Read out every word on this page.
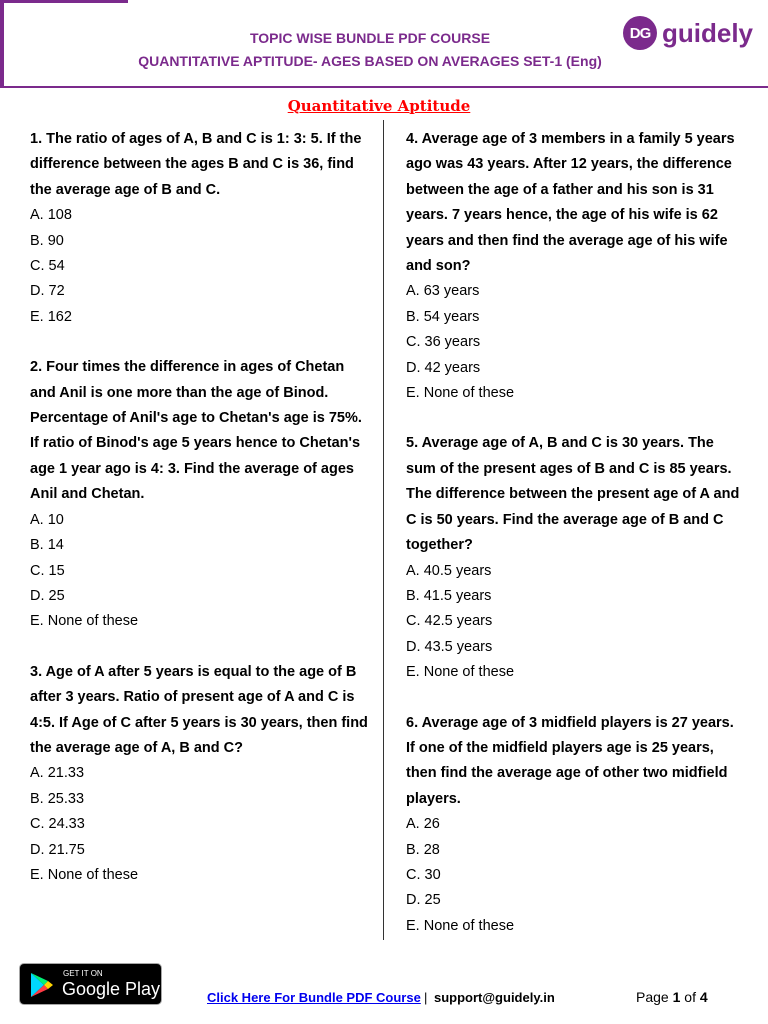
TOPIC WISE BUNDLE PDF COURSE
QUANTITATIVE APTITUDE- AGES BASED ON AVERAGES SET-1 (Eng)
DG guidely
Quantitative Aptitude
1. The ratio of ages of A, B and C is 1: 3: 5. If the difference between the ages B and C is 36, find the average age of B and C.
A. 108
B. 90
C. 54
D. 72
E. 162
2. Four times the difference in ages of Chetan and Anil is one more than the age of Binod. Percentage of Anil's age to Chetan's age is 75%. If ratio of Binod's age 5 years hence to Chetan's age 1 year ago is 4: 3. Find the average of ages Anil and Chetan.
A. 10
B. 14
C. 15
D. 25
E. None of these
3. Age of A after 5 years is equal to the age of B after 3 years. Ratio of present age of A and C is 4:5. If Age of C after 5 years is 30 years, then find the average age of A, B and C?
A. 21.33
B. 25.33
C. 24.33
D. 21.75
E. None of these
4. Average age of 3 members in a family 5 years ago was 43 years. After 12 years, the difference between the age of a father and his son is 31 years. 7 years hence, the age of his wife is 62 years and then find the average age of his wife and son?
A. 63 years
B. 54 years
C. 36 years
D. 42 years
E. None of these
5. Average age of A, B and C is 30 years. The sum of the present ages of B and C is 85 years. The difference between the present age of A and C is 50 years. Find the average age of B and C together?
A. 40.5 years
B. 41.5 years
C. 42.5 years
D. 43.5 years
E. None of these
6. Average age of 3 midfield players is 27 years. If one of the midfield players age is 25 years, then find the average age of other two midfield players.
A. 26
B. 28
C. 30
D. 25
E. None of these
GET IT ON
Google Play	Click Here For Bundle PDF Course | support@guidely.in	Page 1 of 4
